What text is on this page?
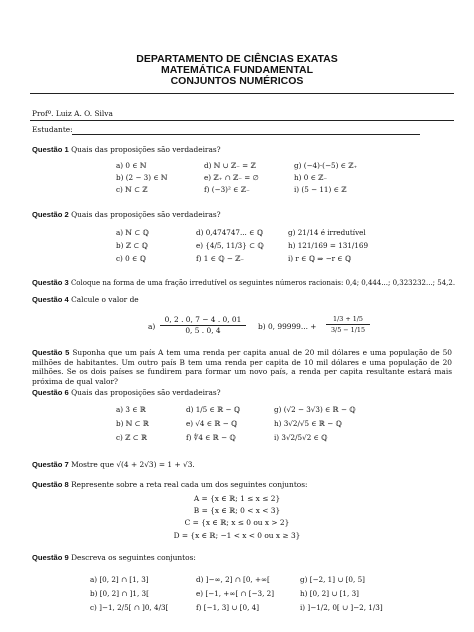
DEPARTAMENTO DE CIÊNCIAS EXATAS
MATEMÁTICA FUNDAMENTAL
CONJUNTOS NUMÉRICOS
Profº. Luiz A. O. Silva
Estudante:
Questão 1 Quais das proposições são verdadeiras?
a) 0 ∈ ℕ	d) ℕ ∪ ℤ₋ = ℤ	g) (−4)·(−5) ∈ ℤ₊
b) (2 − 3) ∈ ℕ	e) ℤ₊ ∩ ℤ₋ = ∅	h) 0 ∈ ℤ₋
c) ℕ ⊂ ℤ	f) (−3)² ∈ ℤ₋	i) (5 − 11) ∈ ℤ
Questão 2 Quais das proposições são verdadeiras?
a) ℕ ⊂ ℚ	d) 0,474747... ∈ ℚ	g) 21/14 é irredutível
b) ℤ ⊂ ℚ	e) {4/5, 11/3} ⊂ ℚ	h) 121/169 = 131/169
c) 0 ∈ ℚ	f) 1 ∈ ℚ − ℤ₋	i) r ∈ ℚ ⇒ −r ∈ ℚ
Questão 3 Coloque na forma de uma fração irredutível os seguintes números racionais: 0,4; 0,444...; 0,323232...; 54,2.
Questão 4 Calcule o valor de
a)
0, 2 . 0, 7 − 4 . 0, 01
0, 5 . 0, 4	b) 0, 99999... +
1/3 + 1/5
3/5 − 1/15
Questão 5 Suponha que um país A tem uma renda per capita anual de 20 mil dólares e uma população de 50 milhões de habitantes. Um outro país B tem uma renda per capita de 10 mil dólares e uma população de 20 milhões. Se os dois países se fundirem para formar um novo país, a renda per capita resultante estará mais próxima de qual valor?
Questão 6 Quais das proposições são verdadeiras?
a) 3 ∈ ℝ	d) 1/5 ∈ ℝ − ℚ	g) (√2 − 3√3) ∈ ℝ − ℚ
b) ℕ ⊂ ℝ	e) √4 ∈ ℝ − ℚ	h) 3√2/√5 ∈ ℝ − ℚ
c) ℤ ⊂ ℝ	f) ∜4 ∈ ℝ − ℚ	i) 3√2/5√2 ∈ ℚ
Questão 7 Mostre que √(4 + 2√3) = 1 + √3.
Questão 8 Represente sobre a reta real cada um dos seguintes conjuntos:
A = {x ∈ ℝ; 1 ≤ x ≤ 2}
B = {x ∈ ℝ; 0 < x < 3}
C = {x ∈ ℝ; x ≤ 0 ou x > 2}
D = {x ∈ ℝ; −1 < x < 0 ou x ≥ 3}
Questão 9 Descreva os seguintes conjuntos:
a) [0, 2] ∩ [1, 3]	d) ]−∞, 2] ∩ [0, +∞[	g) [−2, 1] ∪ [0, 5]
b) [0, 2] ∩ ]1, 3[	e) [−1, +∞[ ∩ [−3, 2]	h) [0, 2] ∪ [1, 3]
c) ]−1, 2/5[ ∩ ]0, 4/3[	f) [−1, 3] ∪ [0, 4]	i) ]−1/2, 0[ ∪ ]−2, 1/3]
